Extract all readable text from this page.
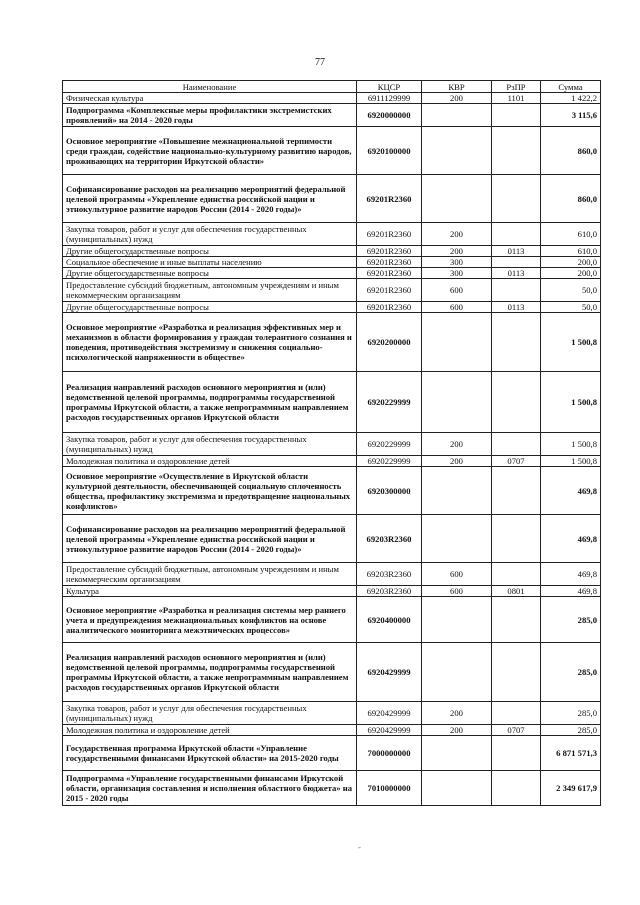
77
Наименование	КЦСР	КВР	РзПР	Сумма
Физическая культура	6911129999	200	1101	1 422,2
Подпрограмма «Комплексные меры профилактики экстремистских проявлений» на 2014 - 2020 годы	6920000000			3 115,6
Основное мероприятие «Повышение межнациональной терпимости среди граждан, содействие национально-культурному развитию народов, проживающих на территории Иркутской области»	6920100000			860,0
Софинансирование расходов на реализацию мероприятий федеральной целевой программы «Укрепление единства российской нации и этнокультурное развитие народов России (2014 - 2020 годы)»	69201R2360			860,0
Закупка товаров, работ и услуг для обеспечения государственных (муниципальных) нужд	69201R2360	200		610,0
Другие общегосударственные вопросы	69201R2360	200	0113	610,0
Социальное обеспечение и иные выплаты населению	69201R2360	300		200,0
Другие общегосударственные вопросы	69201R2360	300	0113	200,0
Предоставление субсидий бюджетным, автономным учреждениям и иным некоммерческим организациям	69201R2360	600		50,0
Другие общегосударственные вопросы	69201R2360	600	0113	50,0
Основное мероприятие «Разработка и реализация эффективных мер и механизмов в области формирования у граждан толерантного сознания и поведения, противодействия экстремизму и снижения социально-психологической напряженности в обществе»	6920200000			1 500,8
Реализация направлений расходов основного мероприятия и (или) ведомственной целевой программы, подпрограммы государственной программы Иркутской области, а также непрограммным направлением расходов государственных органов Иркутской области	6920229999			1 500,8
Закупка товаров, работ и услуг для обеспечения государственных (муниципальных) нужд	6920229999	200		1 500,8
Молодежная политика и оздоровление детей	6920229999	200	0707	1 500,8
Основное мероприятие «Осуществление в Иркутской области культурной деятельности, обеспечивающей социальную сплоченность общества, профилактику экстремизма и предотвращение национальных конфликтов»	6920300000			469,8
Софинансирование расходов на реализацию мероприятий федеральной целевой программы «Укрепление единства российской нации и этнокультурное развитие народов России (2014 - 2020 годы)»	69203R2360			469,8
Предоставление субсидий бюджетным, автономным учреждениям и иным некоммерческим организациям	69203R2360	600		469,8
Культура	69203R2360	600	0801	469,8
Основное мероприятие «Разработка и реализация системы мер раннего учета и предупреждения межнациональных конфликтов на основе аналитического мониторинга межэтнических процессов»	6920400000			285,0
Реализация направлений расходов основного мероприятия и (или) ведомственной целевой программы, подпрограммы государственной программы Иркутской области, а также непрограммным направлением расходов государственных органов Иркутской области	6920429999			285,0
Закупка товаров, работ и услуг для обеспечения государственных (муниципальных) нужд	6920429999	200		285,0
Молодежная политика и оздоровление детей	6920429999	200	0707	285,0
Государственная программа Иркутской области «Управление государственными финансами Иркутской области» на 2015-2020 годы	7000000000			6 871 571,3
Подпрограмма «Управление государственными финансами Иркутской области, организация составления и исполнения областного бюджета» на 2015 - 2020 годы	7010000000			2 349 617,9
-
